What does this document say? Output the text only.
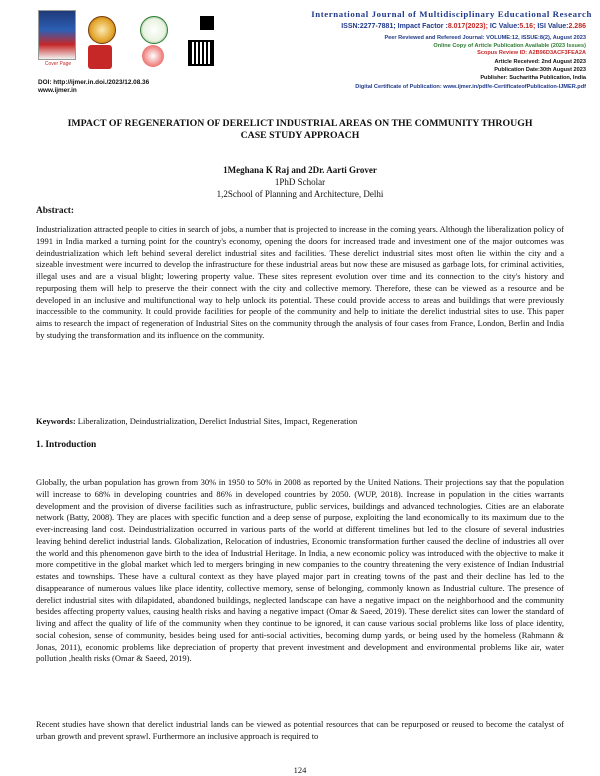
Cover Page
International Journal of Multidisciplinary Educational Research
ISSN:2277-7881; Impact Factor :8.017(2023); IC Value:5.16; ISI Value:2.286
Peer Reviewed and Refereed Journal: VOLUME:12, ISSUE:8(2), August 2023
Online Copy of Article Publication Available (2023 Issues)
Scopus Review ID: A2B96D3ACF3FEA2A
Article Received: 2nd August 2023
Publication Date:30th August 2023
Publisher: Sucharitha Publication, India
Digital Certificate of Publication: www.ijmer.in/pdf/e-CertificateofPublication-IJMER.pdf
DOI: http://ijmer.in.doi./2023/12.08.36
www.ijmer.in
IMPACT OF REGENERATION OF DERELICT INDUSTRIAL AREAS ON THE COMMUNITY THROUGH CASE STUDY APPROACH
1Meghana K Raj and 2Dr. Aarti Grover
1PhD Scholar
1,2School of Planning and Architecture, Delhi
Abstract:
Industrialization attracted people to cities in search of jobs, a number that is projected to increase in the coming years. Although the liberalization policy of 1991 in India marked a turning point for the country's economy, opening the doors for increased trade and investment one of the major outcomes was deindustrialization which left behind several derelict industrial sites and facilities. These derelict industrial sites most often lie within the city and a sizeable investment were incurred to develop the infrastructure for these industrial areas but now these are misused as garbage lots, for criminal activities, illegal uses and are a visual blight; lowering property value. These sites represent evolution over time and its connection to the city's history and repurposing them will help to preserve the their connect with the city and collective memory. Therefore, these can be viewed as a resource and be developed in an inclusive and multifunctional way to help unlock its potential. These could provide access to areas and buildings that were previously inaccessible to the community. It could provide facilities for people of the community and help to initiate the derelict industrial sites to use. This paper aims to research the impact of regeneration of Industrial Sites on the community through the analysis of four cases from France, London, Berlin and India by studying the transformation and its influence on the community.
Keywords: Liberalization, Deindustrialization, Derelict Industrial Sites, Impact, Regeneration
1. Introduction
Globally, the urban population has grown from 30% in 1950 to 50% in 2008 as reported by the United Nations. Their projections say that the population will increase to 68% in developing countries and 86% in developed countries by 2050. (WUP, 2018). Increase in population in the cities warrants development and the provision of diverse facilities such as infrastructure, public services, buildings and advanced technologies. Cities are an elaborate network (Batty, 2008). They are places with specific function and a deep sense of purpose, exploiting the land economically to its maximum due to the ever-increasing land cost. Deindustrialization occurred in various parts of the world at different timelines but led to the closure of several industries leaving behind derelict industrial lands. Globalization, Relocation of industries, Economic transformation further caused the decline of industries all over the world and this phenomenon gave birth to the idea of Industrial Heritage. In India, a new economic policy was introduced with the objective to make it more competitive in the global market which led to mergers bringing in new companies to the country threatening the very existence of Indian Industrial estates and townships. These have a cultural context as they have played major part in creating towns of the past and their decline has led to the disappearance of numerous values like place identity, collective memory, sense of belonging, commonly known as Industrial culture. The presence of derelict industrial sites with dilapidated, abandoned buildings, neglected landscape can have a negative impact on the neighborhood and the community besides affecting property values, causing health risks and having a negative impact (Omar & Saeed, 2019). These derelict sites can lower the standard of living and affect the quality of life of the community when they continue to be ignored, it can cause various social problems like loss of place identity, social cohesion, sense of community, besides being used for anti-social activities, becoming dump yards, or being used by the homeless (Rahmann & Jonas, 2011), economic problems like depreciation of property that prevent investment and development and environmental problems like air, water pollution ,health risks (Omar & Saeed, 2019).
Recent studies have shown that derelict industrial lands can be viewed as potential resources that can be repurposed or reused to become the catalyst of urban growth and prevent sprawl. Furthermore an inclusive approach is required to
124
